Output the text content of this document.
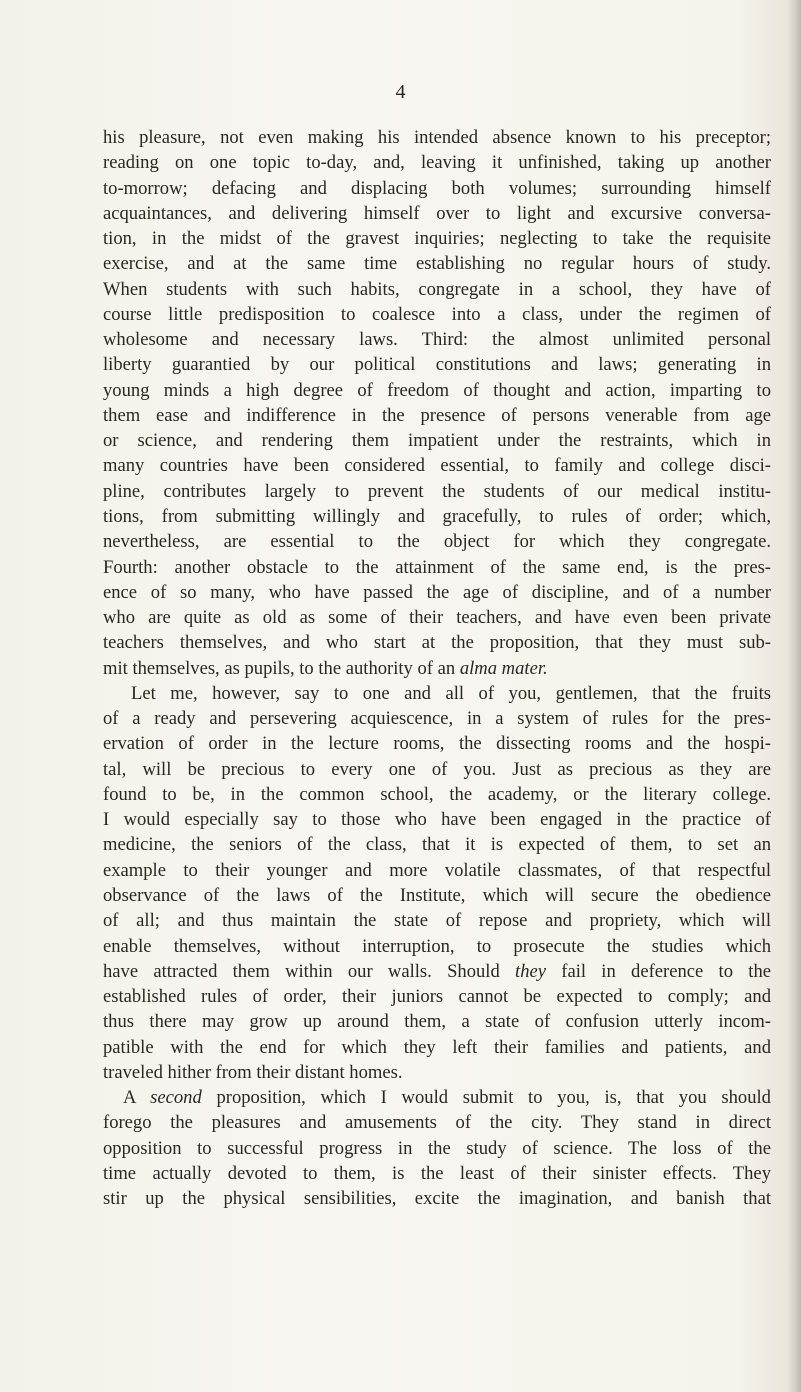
4
his pleasure, not even making his intended absence known to his preceptor;
reading on one topic to-day, and, leaving it unfinished, taking up another
to-morrow; defacing and displacing both volumes; surrounding himself
acquaintances, and delivering himself over to light and excursive conversa-
tion, in the midst of the gravest inquiries; neglecting to take the requisite
exercise, and at the same time establishing no regular hours of study.
When students with such habits, congregate in a school, they have of
course little predisposition to coalesce into a class, under the regimen of
wholesome and necessary laws. Third: the almost unlimited personal
liberty guarantied by our political constitutions and laws; generating in
young minds a high degree of freedom of thought and action, imparting to
them ease and indifference in the presence of persons venerable from age
or science, and rendering them impatient under the restraints, which in
many countries have been considered essential, to family and college disci-
pline, contributes largely to prevent the students of our medical institu-
tions, from submitting willingly and gracefully, to rules of order; which,
nevertheless, are essential to the object for which they congregate.
Fourth: another obstacle to the attainment of the same end, is the pres-
ence of so many, who have passed the age of discipline, and of a number
who are quite as old as some of their teachers, and have even been private
teachers themselves, and who start at the proposition, that they must sub-
mit themselves, as pupils, to the authority of an alma mater.
Let me, however, say to one and all of you, gentlemen, that the fruits
of a ready and persevering acquiescence, in a system of rules for the pres-
ervation of order in the lecture rooms, the dissecting rooms and the hospi-
tal, will be precious to every one of you. Just as precious as they are
found to be, in the common school, the academy, or the literary college.
I would especially say to those who have been engaged in the practice of
medicine, the seniors of the class, that it is expected of them, to set an
example to their younger and more volatile classmates, of that respectful
observance of the laws of the Institute, which will secure the obedience
of all; and thus maintain the state of repose and propriety, which will
enable themselves, without interruption, to prosecute the studies which
have attracted them within our walls. Should they fail in deference to the
established rules of order, their juniors cannot be expected to comply; and
thus there may grow up around them, a state of confusion utterly incom-
patible with the end for which they left their families and patients, and
traveled hither from their distant homes.
A second proposition, which I would submit to you, is, that you should
forego the pleasures and amusements of the city. They stand in direct
opposition to successful progress in the study of science. The loss of the
time actually devoted to them, is the least of their sinister effects. They
stir up the physical sensibilities, excite the imagination, and banish that
